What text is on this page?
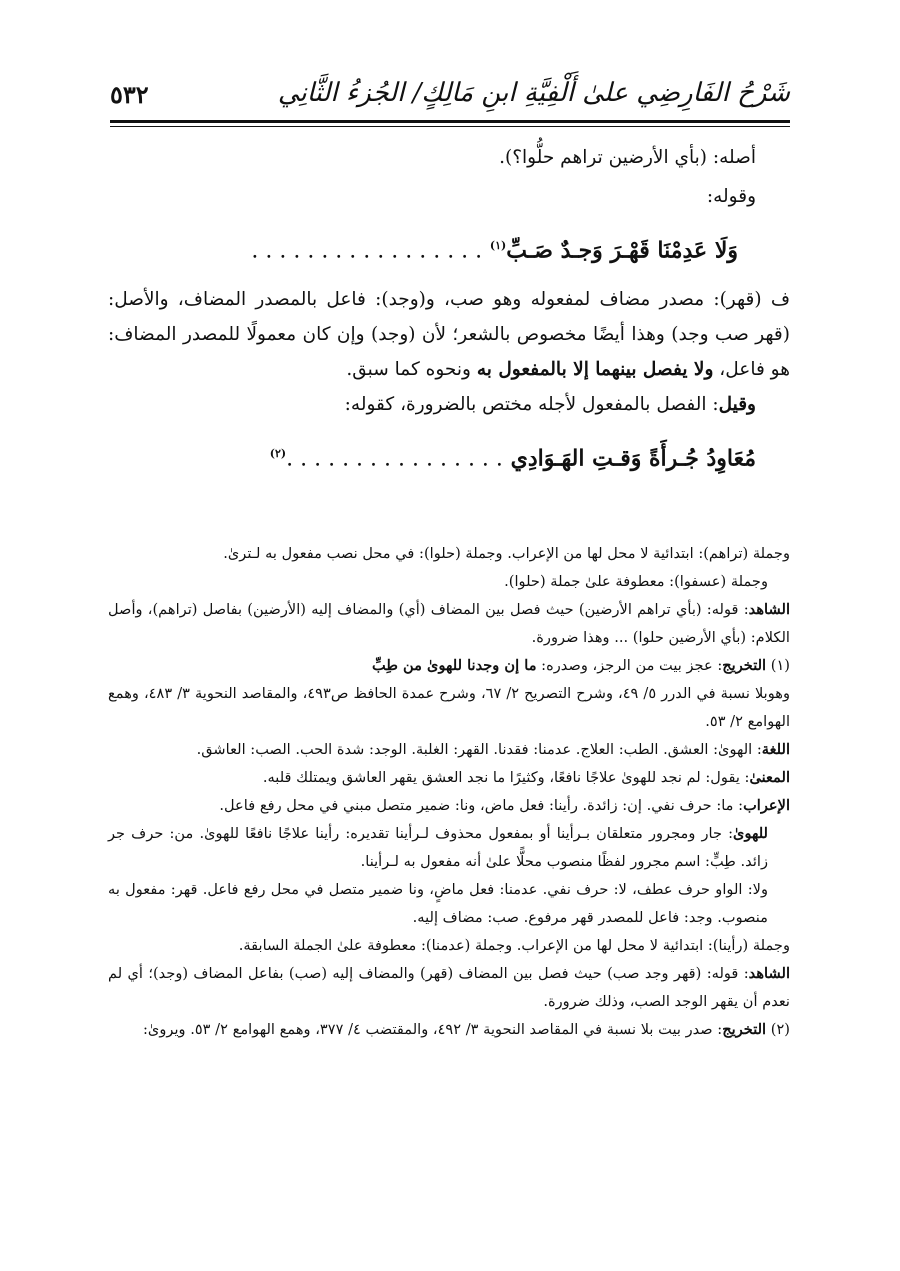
شَرْحُ الفَارِضِي علىٰ أَلْفِيَّةِ ابنِ مَالِكٍ/ الجُزءُ الثَّانِي
٥٣٢
أصله: (بأي الأرضين تراهم حلُّوا؟).
وقوله:
وَلَا عَدِمْنَا قَهْـرَ وَجـدٌ صَـبِّ$^{(١)}$ . . . . . . . . . . . . . . . . .
ف (قهر): مصدر مضاف لمفعوله وهو صب، و(وجد): فاعل بالمصدر المضاف، والأصل: (قهر صب وجد) وهذا أيضًا مخصوص بالشعر؛ لأن (وجد) وإن كان معمولًا للمصدر المضاف: هو فاعل، ولا يفصل بينهما إلا بالمفعول به ونحوه كما سبق.
وقيل: الفصل بالمفعول لأجله مختص بالضرورة، كقوله:
مُعَاوِدُ جُـرأَةً وَقـتِ الهَـوَادِي . . . . . . . . . . . . . . . .$^{(٢)}$
وجملة (تراهم): ابتدائية لا محل لها من الإعراب. وجملة (حلوا): في محل نصب مفعول به لـترىٰ.
وجملة (عسفوا): معطوفة علىٰ جملة (حلوا).
الشاهد: قوله: (بأي تراهم الأرضين) حيث فصل بين المضاف (أي) والمضاف إليه (الأرضين) بفاصل (تراهم)، وأصل الكلام: (بأي الأرضين حلوا) ... وهذا ضرورة.
(١) التخريج: عجز بيت من الرجز، وصدره: ما إن وجدنا للهوىٰ من طِبِّ
وهوبلا نسبة في الدرر ٥/ ٤٩، وشرح التصريح ٢/ ٦٧، وشرح عمدة الحافظ ص٤٩٣، والمقاصد النحوية ٣/ ٤٨٣، وهمع الهوامع ٢/ ٥٣.
اللغة: الهوىٰ: العشق. الطب: العلاج. عدمنا: فقدنا. القهر: الغلبة. الوجد: شدة الحب. الصب: العاشق.
المعنىٰ: يقول: لم نجد للهوىٰ علاجًا نافعًا، وكثيرًا ما نجد العشق يقهر العاشق ويمتلك قلبه.
الإعراب: ما: حرف نفي. إن: زائدة. رأينا: فعل ماض، ونا: ضمير متصل مبني في محل رفع فاعل.
للهوىٰ: جار ومجرور متعلقان بـرأينا أو بمفعول محذوف لـرأينا تقديره: رأينا علاجًا نافعًا للهوىٰ. من: حرف جر زائد. طِبٍّ: اسم مجرور لفظًا منصوب محلًّا علىٰ أنه مفعول به لـرأينا.
ولا: الواو حرف عطف، لا: حرف نفي. عدمنا: فعل ماضٍ، ونا ضمير متصل في محل رفع فاعل. قهر: مفعول به منصوب. وجد: فاعل للمصدر قهر مرفوع. صب: مضاف إليه.
وجملة (رأينا): ابتدائية لا محل لها من الإعراب. وجملة (عدمنا): معطوفة علىٰ الجملة السابقة.
الشاهد: قوله: (قهر وجد صب) حيث فصل بين المضاف (قهر) والمضاف إليه (صب) بفاعل المضاف (وجد)؛ أي لم نعدم أن يقهر الوجد الصب، وذلك ضرورة.
(٢) التخريج: صدر بيت بلا نسبة في المقاصد النحوية ٣/ ٤٩٢، والمقتضب ٤/ ٣٧٧، وهمع الهوامع ٢/ ٥٣. ويروىٰ:
